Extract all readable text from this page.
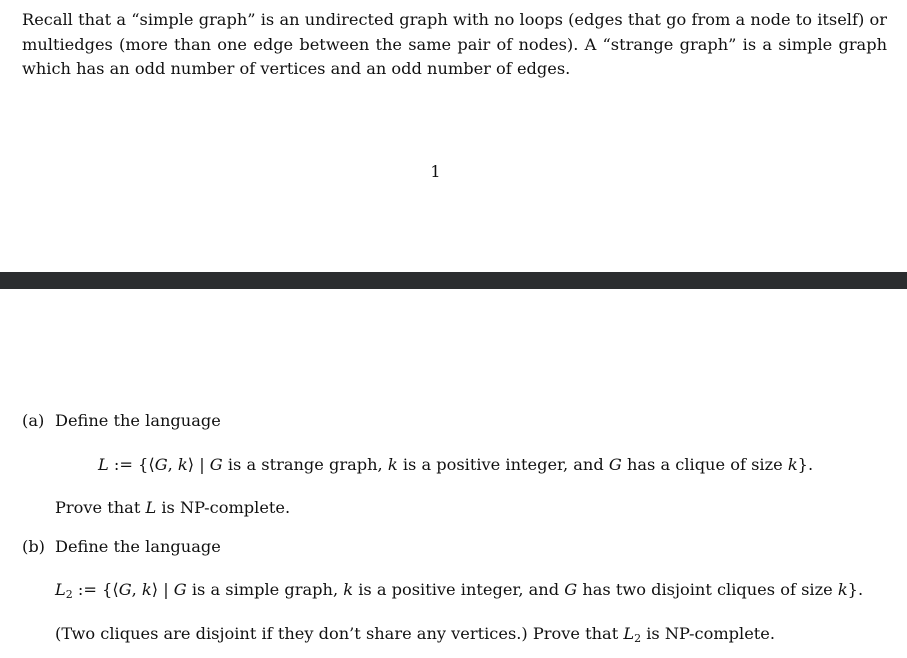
Recall that a “simple graph” is an undirected graph with no loops (edges that go from a node to itself) or multiedges (more than one edge between the same pair of nodes). A “strange graph” is a simple graph which has an odd number of vertices and an odd number of edges.

1
(a) Define the language
L := {⟨G, k⟩ | G is a strange graph, k is a positive integer, and G has a clique of size k}.
Prove that L is NP-complete.
(b) Define the language
$L_2$ := {⟨G, k⟩ | G is a simple graph, k is a positive integer, and G has two disjoint cliques of size k}.
(Two cliques are disjoint if they don’t share any vertices.) Prove that $L_2$ is NP-complete.
